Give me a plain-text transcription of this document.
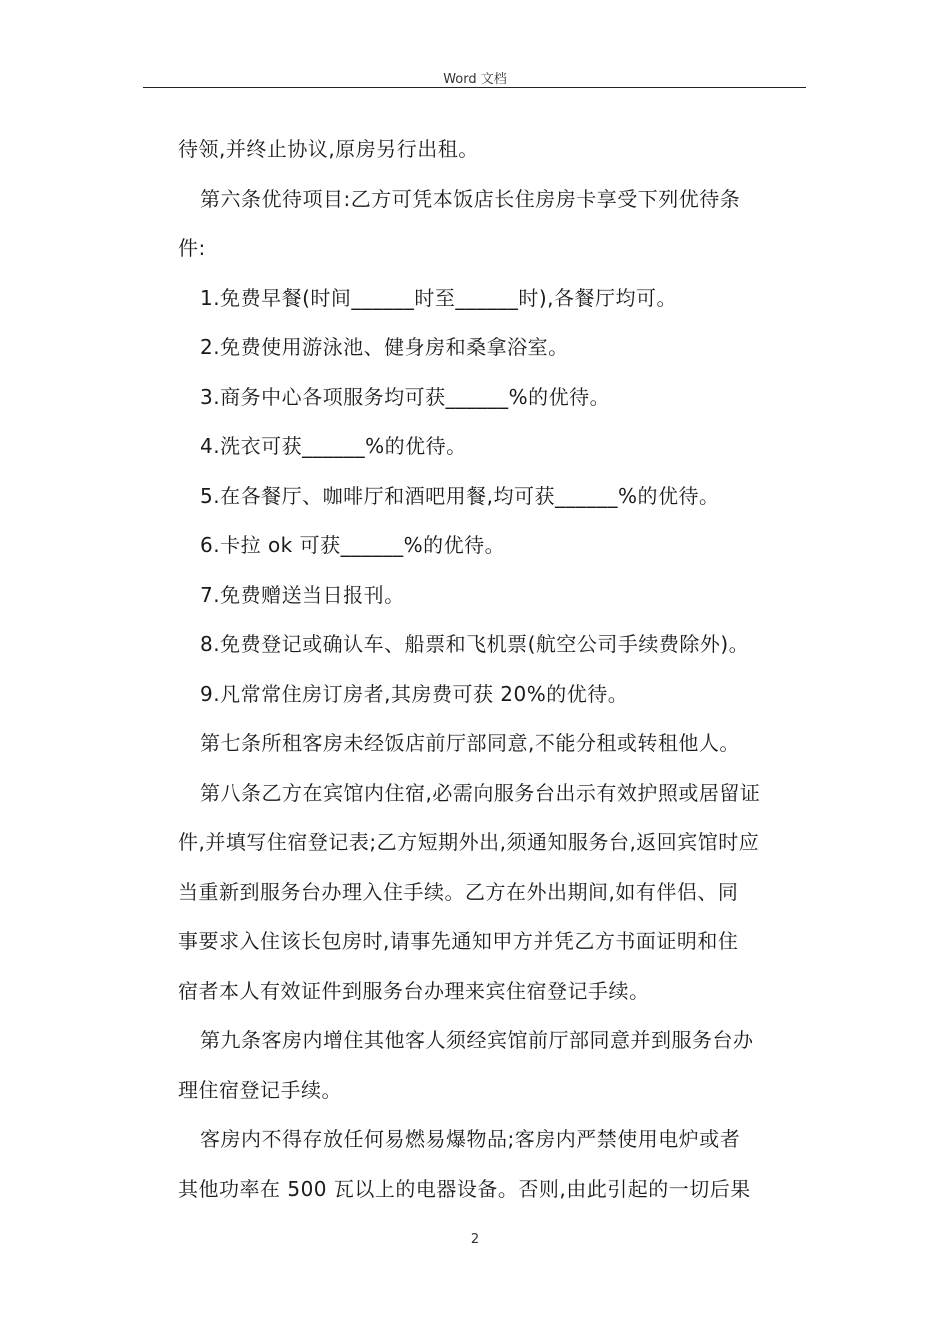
Word 文档
待领,并终止协议,原房另行出租。
第六条优待项目:乙方可凭本饭店长住房房卡享受下列优待条
件:
1.免费早餐(时间______时至______时),各餐厅均可。
2.免费使用游泳池、健身房和桑拿浴室。
3.商务中心各项服务均可获______%的优待。
4.洗衣可获______%的优待。
5.在各餐厅、咖啡厅和酒吧用餐,均可获______%的优待。
6.卡拉 ok 可获______%的优待。
7.免费赠送当日报刊。
8.免费登记或确认车、船票和飞机票(航空公司手续费除外)。
9.凡常常住房订房者,其房费可获 20%的优待。
第七条所租客房未经饭店前厅部同意,不能分租或转租他人。
第八条乙方在宾馆内住宿,必需向服务台出示有效护照或居留证
件,并填写住宿登记表;乙方短期外出,须通知服务台,返回宾馆时应
当重新到服务台办理入住手续。乙方在外出期间,如有伴侣、同
事要求入住该长包房时,请事先通知甲方并凭乙方书面证明和住
宿者本人有效证件到服务台办理来宾住宿登记手续。
第九条客房内增住其他客人须经宾馆前厅部同意并到服务台办
理住宿登记手续。
客房内不得存放任何易燃易爆物品;客房内严禁使用电炉或者
其他功率在 500 瓦以上的电器设备。否则,由此引起的一切后果
2
